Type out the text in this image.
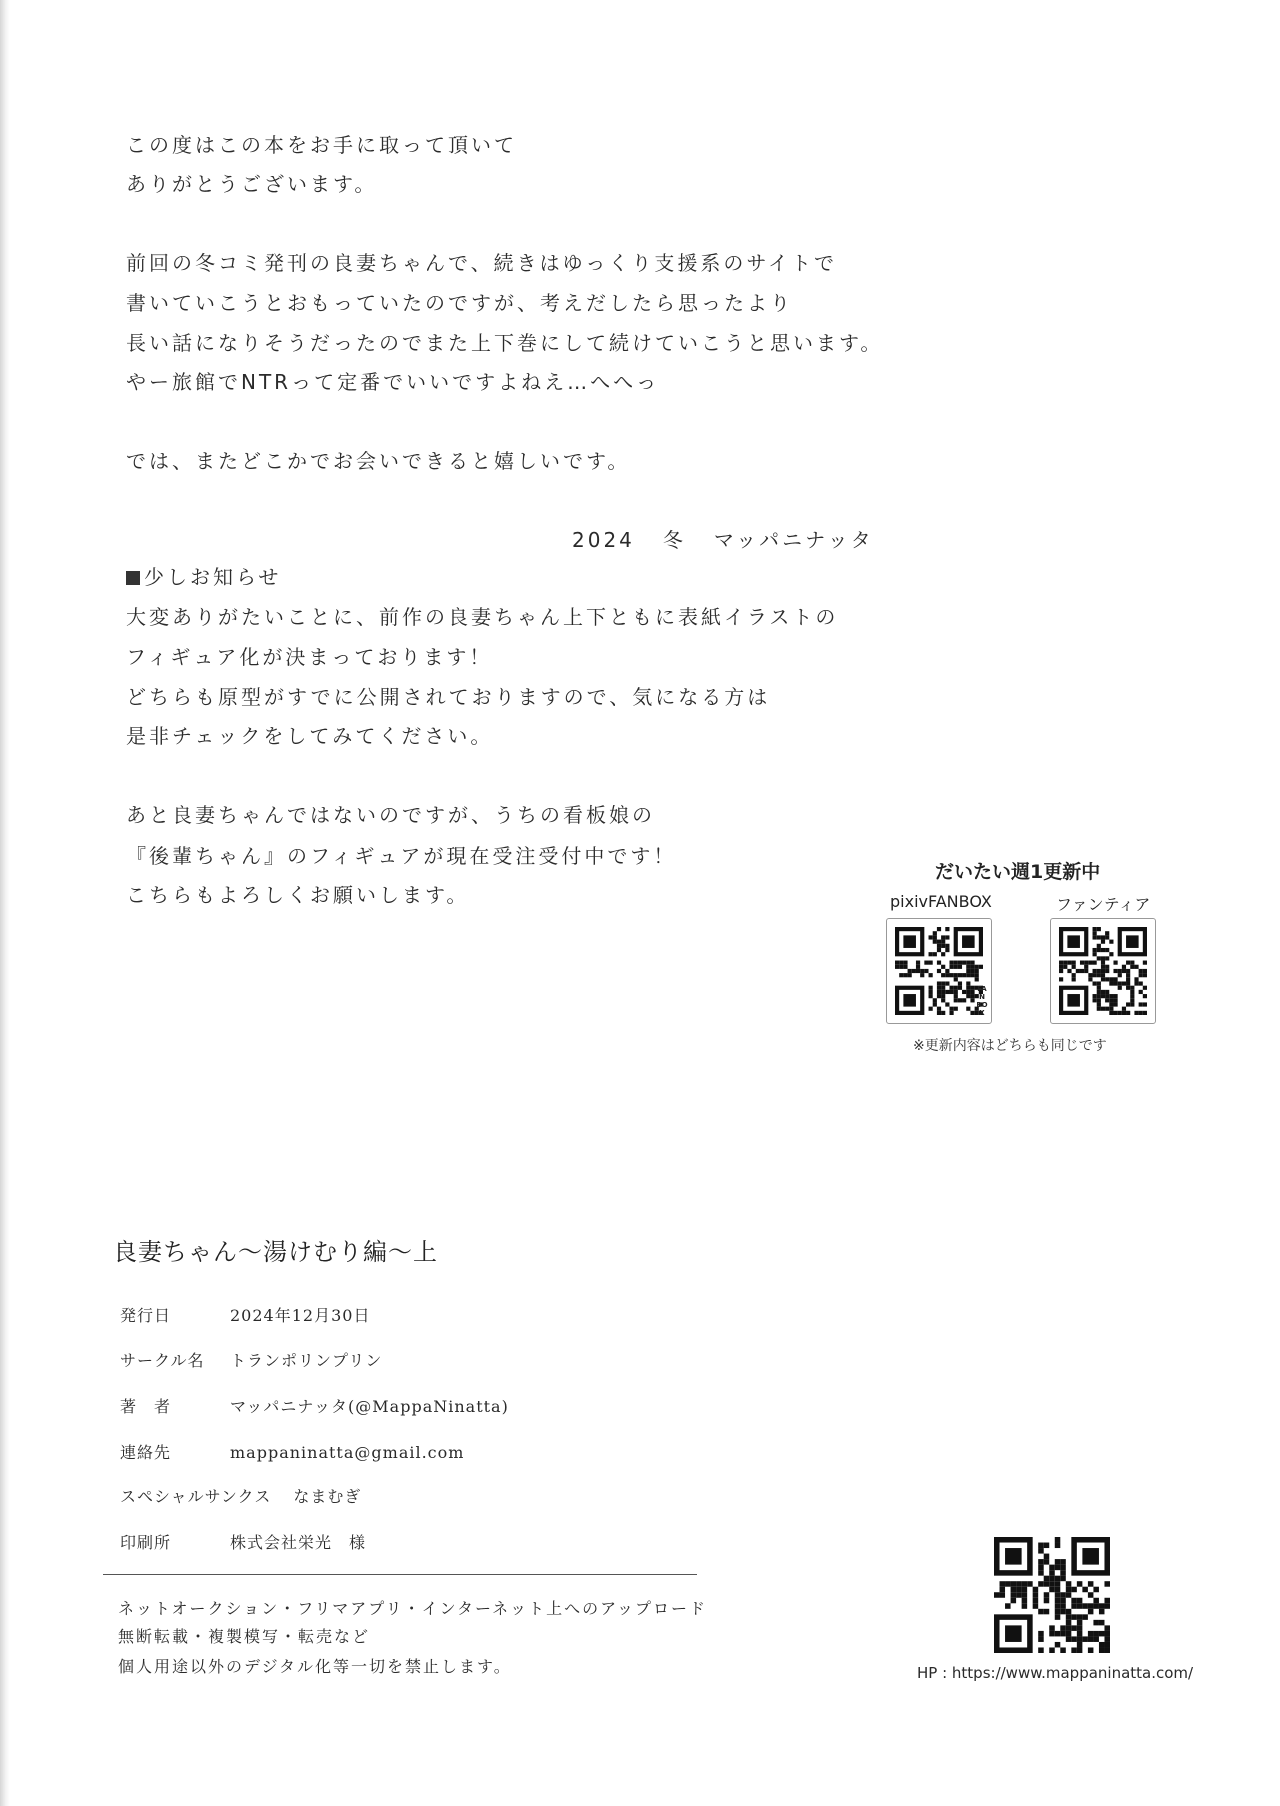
この度はこの本をお手に取って頂いて
ありがとうございます。
前回の冬コミ発刊の良妻ちゃんで、続きはゆっくり支援系のサイトで
書いていこうとおもっていたのですが、考えだしたら思ったより
長い話になりそうだったのでまた上下巻にして続けていこうと思います。
やー旅館でNTRって定番でいいですよねえ…へへっ
では、またどこかでお会いできると嬉しいです。
2024 冬 マッパニナッタ
少しお知らせ
大変ありがたいことに、前作の良妻ちゃん上下ともに表紙イラストの
フィギュア化が決まっております！
どちらも原型がすでに公開されておりますので、気になる方は
是非チェックをしてみてください。
あと良妻ちゃんではないのですが、うちの看板娘の
『後輩ちゃん』のフィギュアが現在受注受付中です！
こちらもよろしくお願いします。
だいたい週1更新中
pixivFANBOX	ファンティア
FAN BOX
※更新内容はどちらも同じです
良妻ちゃん～湯けむり編～上
発行日	2024年12月30日
サークル名 トランポリンプリン
著　者	マッパニナッタ(@MappaNinatta)
連絡先	mappaninatta@gmail.com
スペシャルサンクス なまむぎ
印刷所	株式会社栄光　様
ネットオークション・フリマアプリ・インターネット上へのアップロード
無断転載・複製模写・転売など
個人用途以外のデジタル化等一切を禁止します。	HP : https://www.mappaninatta.com/
